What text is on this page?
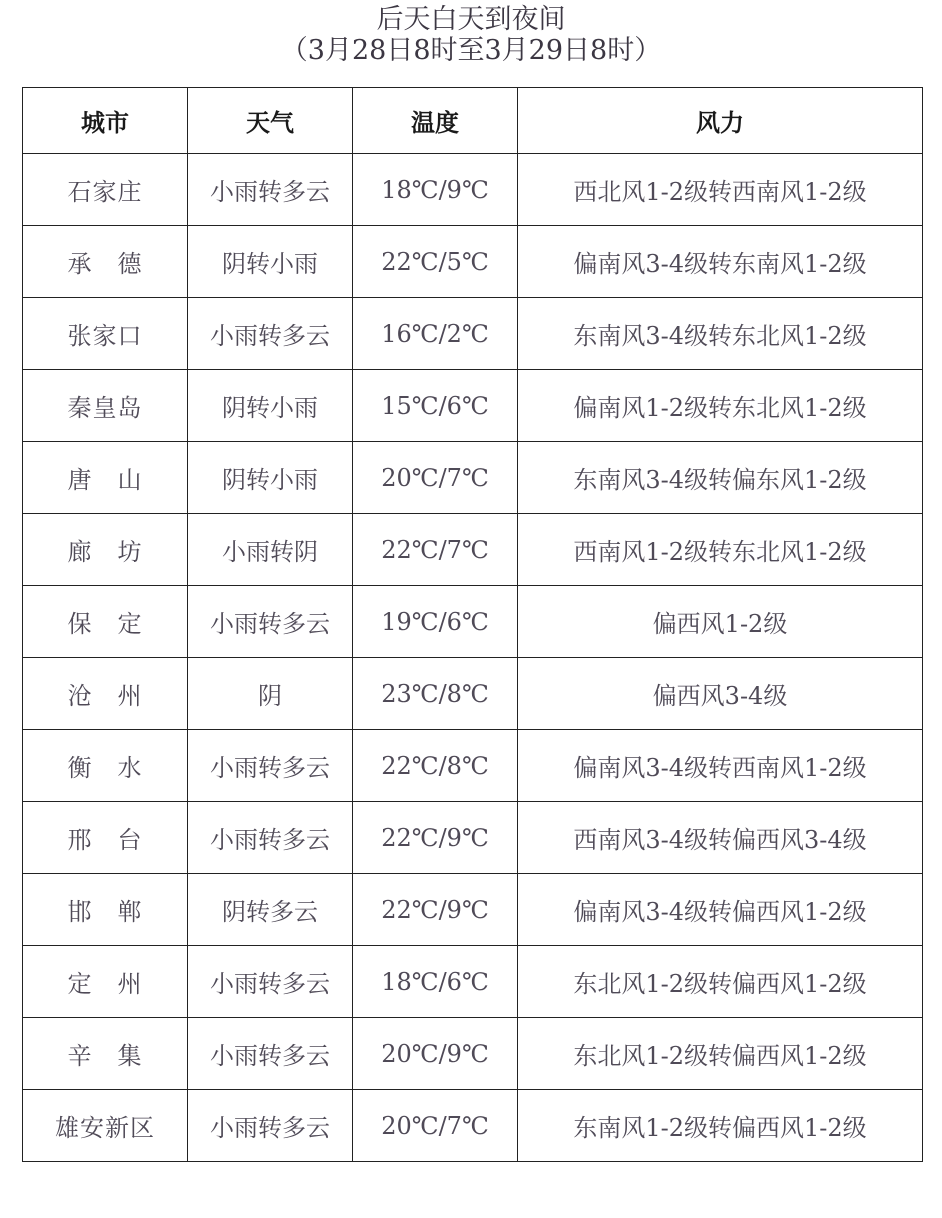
后天白天到夜间
（3月28日8时至3月29日8时）
城市	天气	温度	风力
石家庄	小雨转多云	18℃/9℃	西北风1-2级转西南风1-2级
承　德	阴转小雨	22℃/5℃	偏南风3-4级转东南风1-2级
张家口	小雨转多云	16℃/2℃	东南风3-4级转东北风1-2级
秦皇岛	阴转小雨	15℃/6℃	偏南风1-2级转东北风1-2级
唐　山	阴转小雨	20℃/7℃	东南风3-4级转偏东风1-2级
廊　坊	小雨转阴	22℃/7℃	西南风1-2级转东北风1-2级
保　定	小雨转多云	19℃/6℃	偏西风1-2级
沧　州	阴	23℃/8℃	偏西风3-4级
衡　水	小雨转多云	22℃/8℃	偏南风3-4级转西南风1-2级
邢　台	小雨转多云	22℃/9℃	西南风3-4级转偏西风3-4级
邯　郸	阴转多云	22℃/9℃	偏南风3-4级转偏西风1-2级
定　州	小雨转多云	18℃/6℃	东北风1-2级转偏西风1-2级
辛　集	小雨转多云	20℃/9℃	东北风1-2级转偏西风1-2级
雄安新区	小雨转多云	20℃/7℃	东南风1-2级转偏西风1-2级
